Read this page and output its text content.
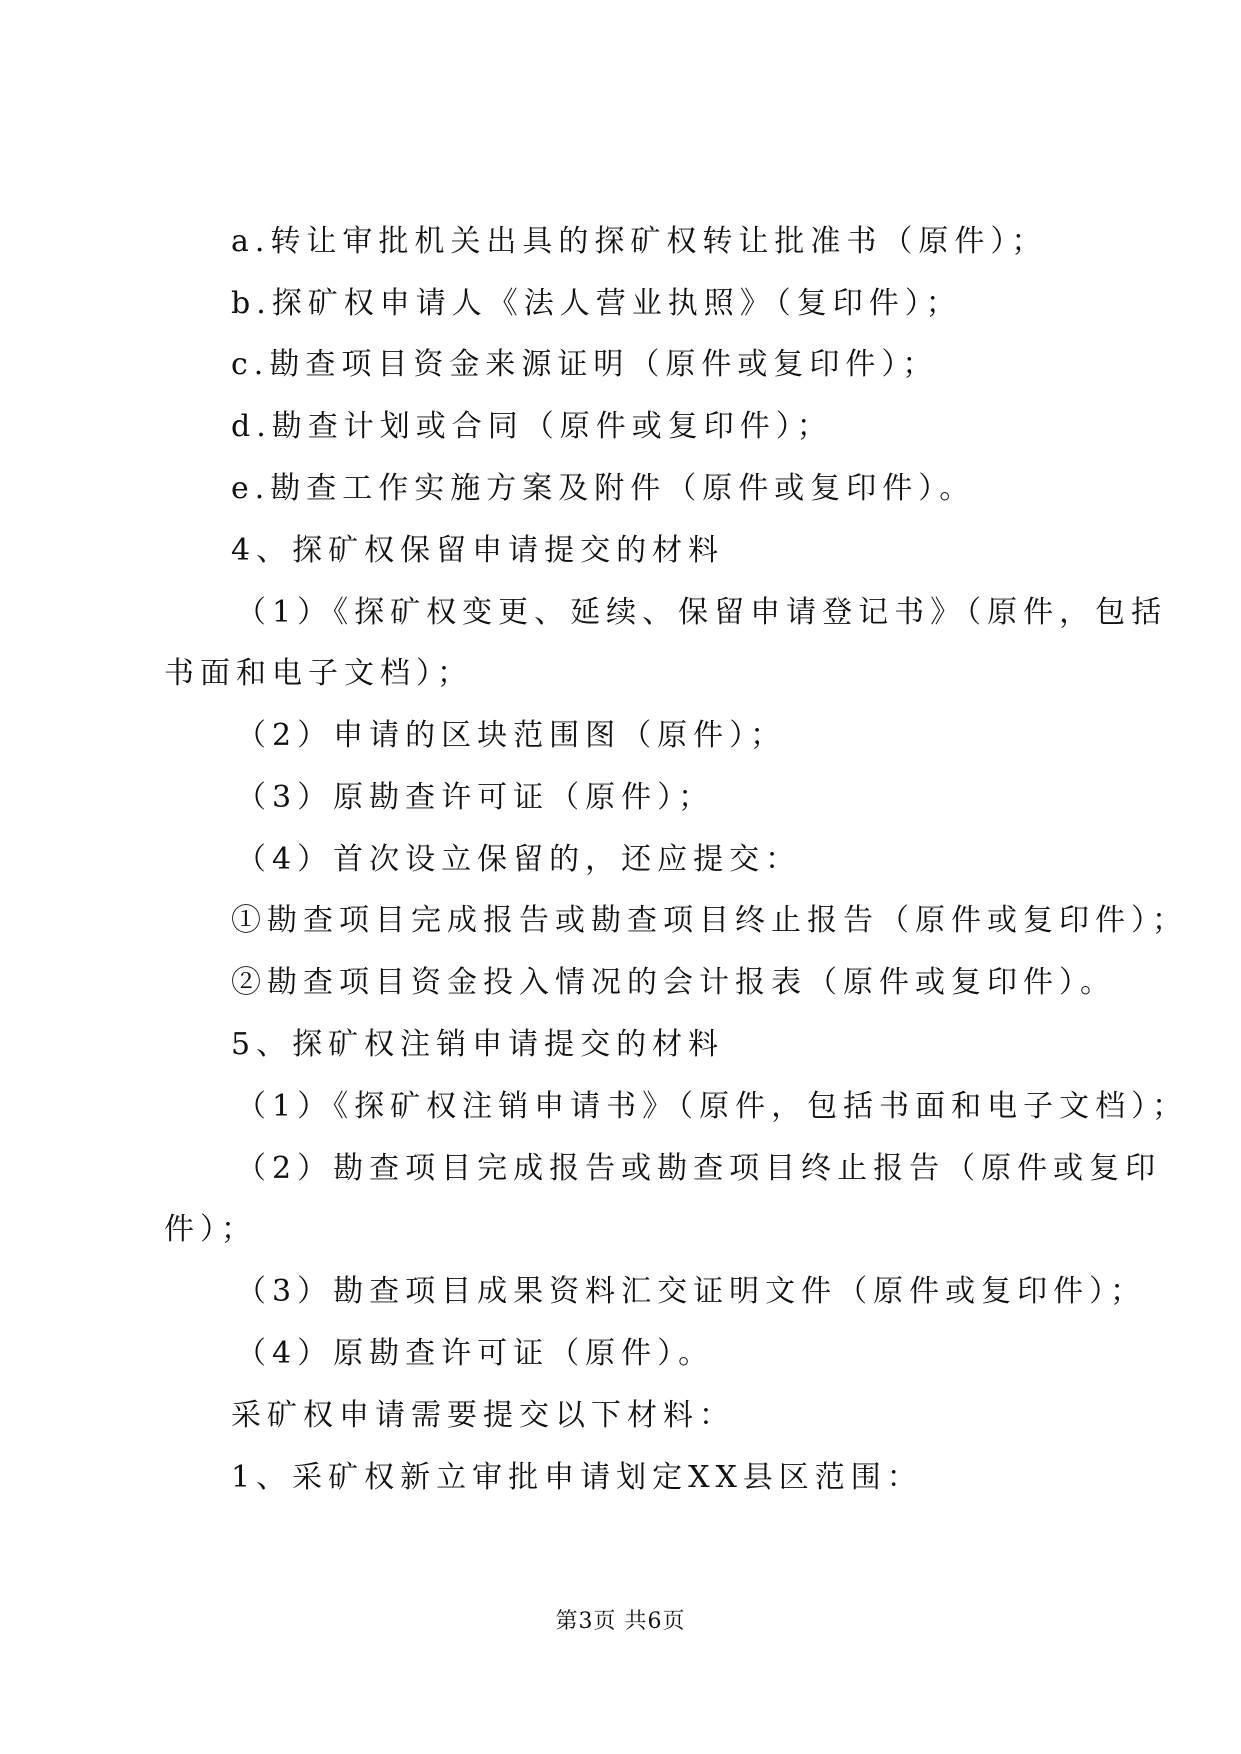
a.转让审批机关出具的探矿权转让批准书（原件）；
b.探矿权申请人《法人营业执照》（复印件）；
c.勘查项目资金来源证明（原件或复印件）；
d.勘查计划或合同（原件或复印件）；
e.勘查工作实施方案及附件（原件或复印件）。
4、探矿权保留申请提交的材料
（1）《探矿权变更、延续、保留申请登记书》（原件，包括
书面和电子文档）；
（2）申请的区块范围图（原件）；
（3）原勘查许可证（原件）；
（4）首次设立保留的，还应提交：
①勘查项目完成报告或勘查项目终止报告（原件或复印件）；
②勘查项目资金投入情况的会计报表（原件或复印件）。
5、探矿权注销申请提交的材料
（1）《探矿权注销申请书》（原件，包括书面和电子文档）；
（2）勘查项目完成报告或勘查项目终止报告（原件或复印
件）；
（3）勘查项目成果资料汇交证明文件（原件或复印件）；
（4）原勘查许可证（原件）。
采矿权申请需要提交以下材料：
1、采矿权新立审批申请划定XX县区范围：
第3页 共6页
